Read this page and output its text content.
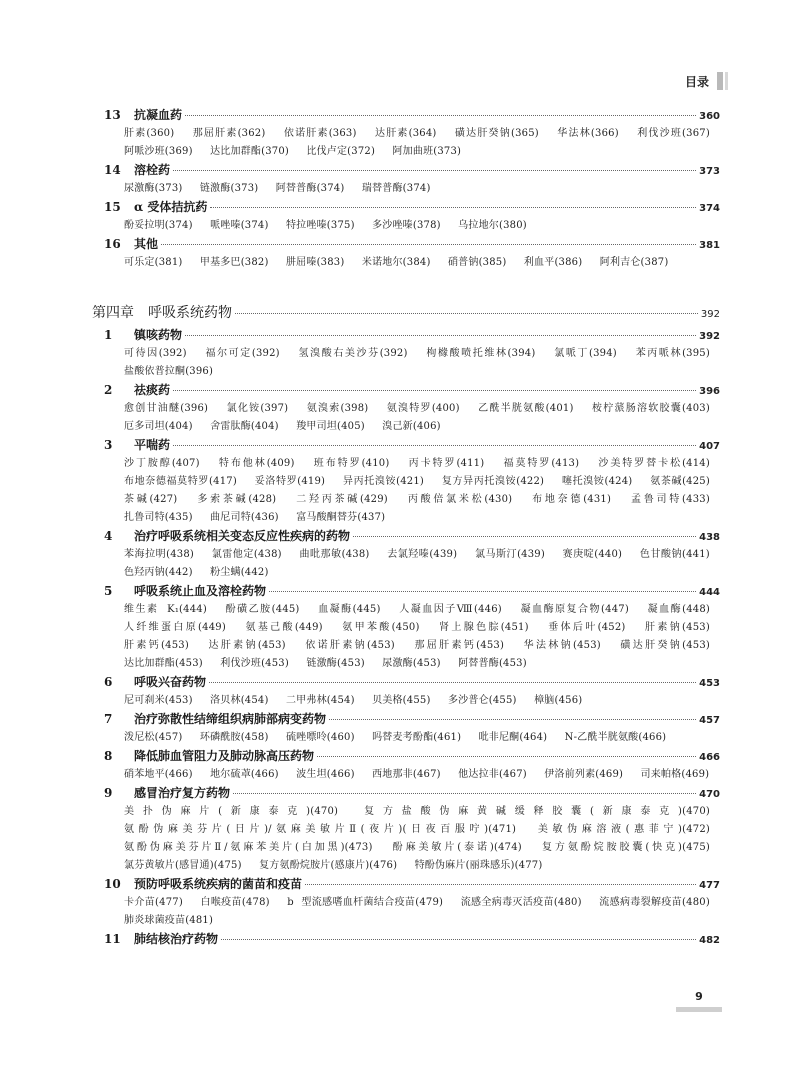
目录
13	抗凝血药	360
肝素(360) 那屈肝素(362) 依诺肝素(363) 达肝素(364) 磺达肝癸钠(365) 华法林(366) 利伐沙班(367) 阿哌沙班(369) 达比加群酯(370) 比伐卢定(372) 阿加曲班(373)
14	溶栓药	373
尿激酶(373) 链激酶(373) 阿替普酶(374) 瑞替普酶(374)
15	α 受体拮抗药	374
酚妥拉明(374) 哌唑嗪(374) 特拉唑嗪(375) 多沙唑嗪(378) 乌拉地尔(380)
16	其他	381
可乐定(381) 甲基多巴(382) 肼屈嗪(383) 米诺地尔(384) 硝普钠(385) 利血平(386) 阿利吉仑(387)
第四章　呼吸系统药物	392
1	镇咳药物	392
可待因(392) 福尔可定(392) 氢溴酸右美沙芬(392) 枸橼酸喷托维林(394) 氯哌丁(394) 苯丙哌林(395) 盐酸依普拉酮(396)
2	祛痰药	396
愈创甘油醚(396) 氯化铵(397) 氨溴索(398) 氨溴特罗(400) 乙酰半胱氨酸(401) 桉柠蒎肠溶软胶囊(403) 厄多司坦(404) 舍雷肽酶(404) 羧甲司坦(405) 溴己新(406)
3	平喘药	407
沙丁胺醇(407) 特布他林(409) 班布特罗(410) 丙卡特罗(411) 福莫特罗(413) 沙美特罗替卡松(414) 布地奈德福莫特罗(417) 妥洛特罗(419) 异丙托溴铵(421) 复方异丙托溴铵(422) 噻托溴铵(424) 氨茶碱(425) 茶碱(427) 多索茶碱(428) 二羟丙茶碱(429) 丙酸倍氯米松(430) 布地奈德(431) 孟鲁司特(433) 扎鲁司特(435) 曲尼司特(436) 富马酸酮替芬(437)
4	治疗呼吸系统相关变态反应性疾病的药物	438
苯海拉明(438) 氯雷他定(438) 曲吡那敏(438) 去氯羟嗪(439) 氯马斯汀(439) 赛庚啶(440) 色甘酸钠(441) 色羟丙钠(442) 粉尘螨(442)
5	呼吸系统止血及溶栓药物	444
维生素 K₁(444) 酚磺乙胺(445) 血凝酶(445) 人凝血因子Ⅷ(446) 凝血酶原复合物(447) 凝血酶(448) 人纤维蛋白原(449) 氨基己酸(449) 氨甲苯酸(450) 肾上腺色腙(451) 垂体后叶(452) 肝素钠(453) 肝素钙(453) 达肝素钠(453) 依诺肝素钠(453) 那屈肝素钙(453) 华法林钠(453) 磺达肝癸钠(453) 达比加群酯(453) 利伐沙班(453) 链激酶(453) 尿激酶(453) 阿替普酶(453)
6	呼吸兴奋药物	453
尼可刹米(453) 洛贝林(454) 二甲弗林(454) 贝美格(455) 多沙普仑(455) 樟脑(456)
7	治疗弥散性结缔组织病肺部病变药物	457
泼尼松(457) 环磷酰胺(458) 硫唑嘌呤(460) 吗替麦考酚酯(461) 吡非尼酮(464) N-乙酰半胱氨酸(466)
8	降低肺血管阻力及肺动脉高压药物	466
硝苯地平(466) 地尔硫䓬(466) 波生坦(466) 西地那非(467) 他达拉非(467) 伊洛前列素(469) 司来帕格(469)
9	感冒治疗复方药物	470
美扑伪麻片(新康泰克)(470)	复方盐酸伪麻黄碱缓释胶囊(新康泰克)(470) 氨酚伪麻美芬片(日片)/氨麻美敏片Ⅱ(夜片)(日夜百服咛)(471) 美敏伪麻溶液(惠菲宁)(472) 氨酚伪麻美芬片Ⅱ/氨麻苯美片(白加黑)(473) 酚麻美敏片(泰诺)(474) 复方氨酚烷胺胶囊(快克)(475) 氯芬黄敏片(感冒通)(475) 复方氨酚烷胺片(感康片)(476) 特酚伪麻片(丽珠感乐)(477)
10	预防呼吸系统疾病的菌苗和疫苗	477
卡介苗(477) 白喉疫苗(478) b 型流感嗜血杆菌结合疫苗(479) 流感全病毒灭活疫苗(480) 流感病毒裂解疫苗(480) 肺炎球菌疫苗(481)
11	肺结核治疗药物	482
9
